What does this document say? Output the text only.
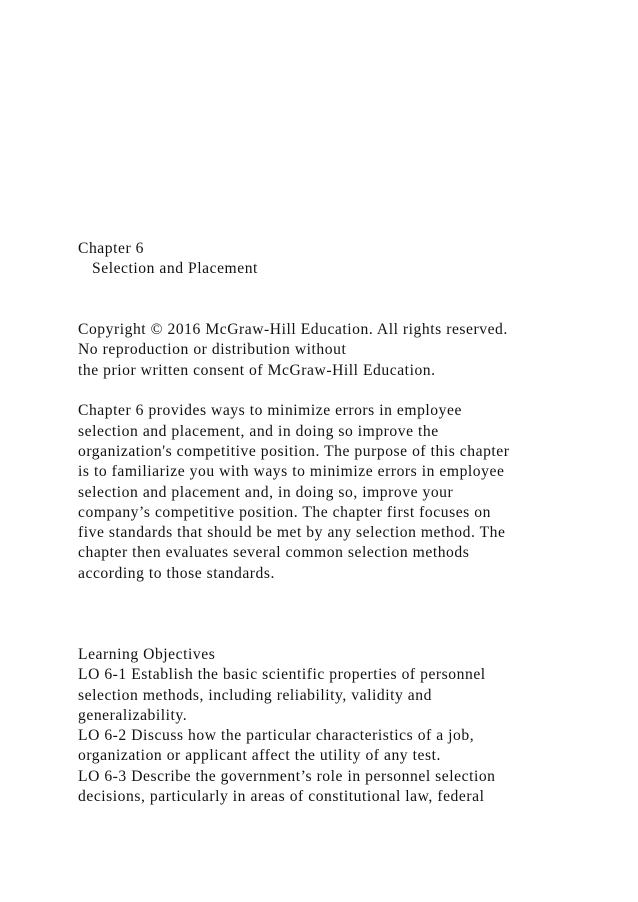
Chapter 6
Selection and Placement
Copyright © 2016 McGraw-Hill Education. All rights reserved.
No reproduction or distribution without
the prior written consent of McGraw-Hill Education.
Chapter 6 provides ways to minimize errors in employee
selection and placement, and in doing so improve the
organization's competitive position. The purpose of this chapter
is to familiarize you with ways to minimize errors in employee
selection and placement and, in doing so, improve your
company’s competitive position. The chapter first focuses on
five standards that should be met by any selection method. The
chapter then evaluates several common selection methods
according to those standards.
Learning Objectives
LO 6-1 Establish the basic scientific properties of personnel
selection methods, including reliability, validity and
generalizability.
LO 6-2 Discuss how the particular characteristics of a job,
organization or applicant affect the utility of any test.
LO 6-3 Describe the government’s role in personnel selection
decisions, particularly in areas of constitutional law, federal
